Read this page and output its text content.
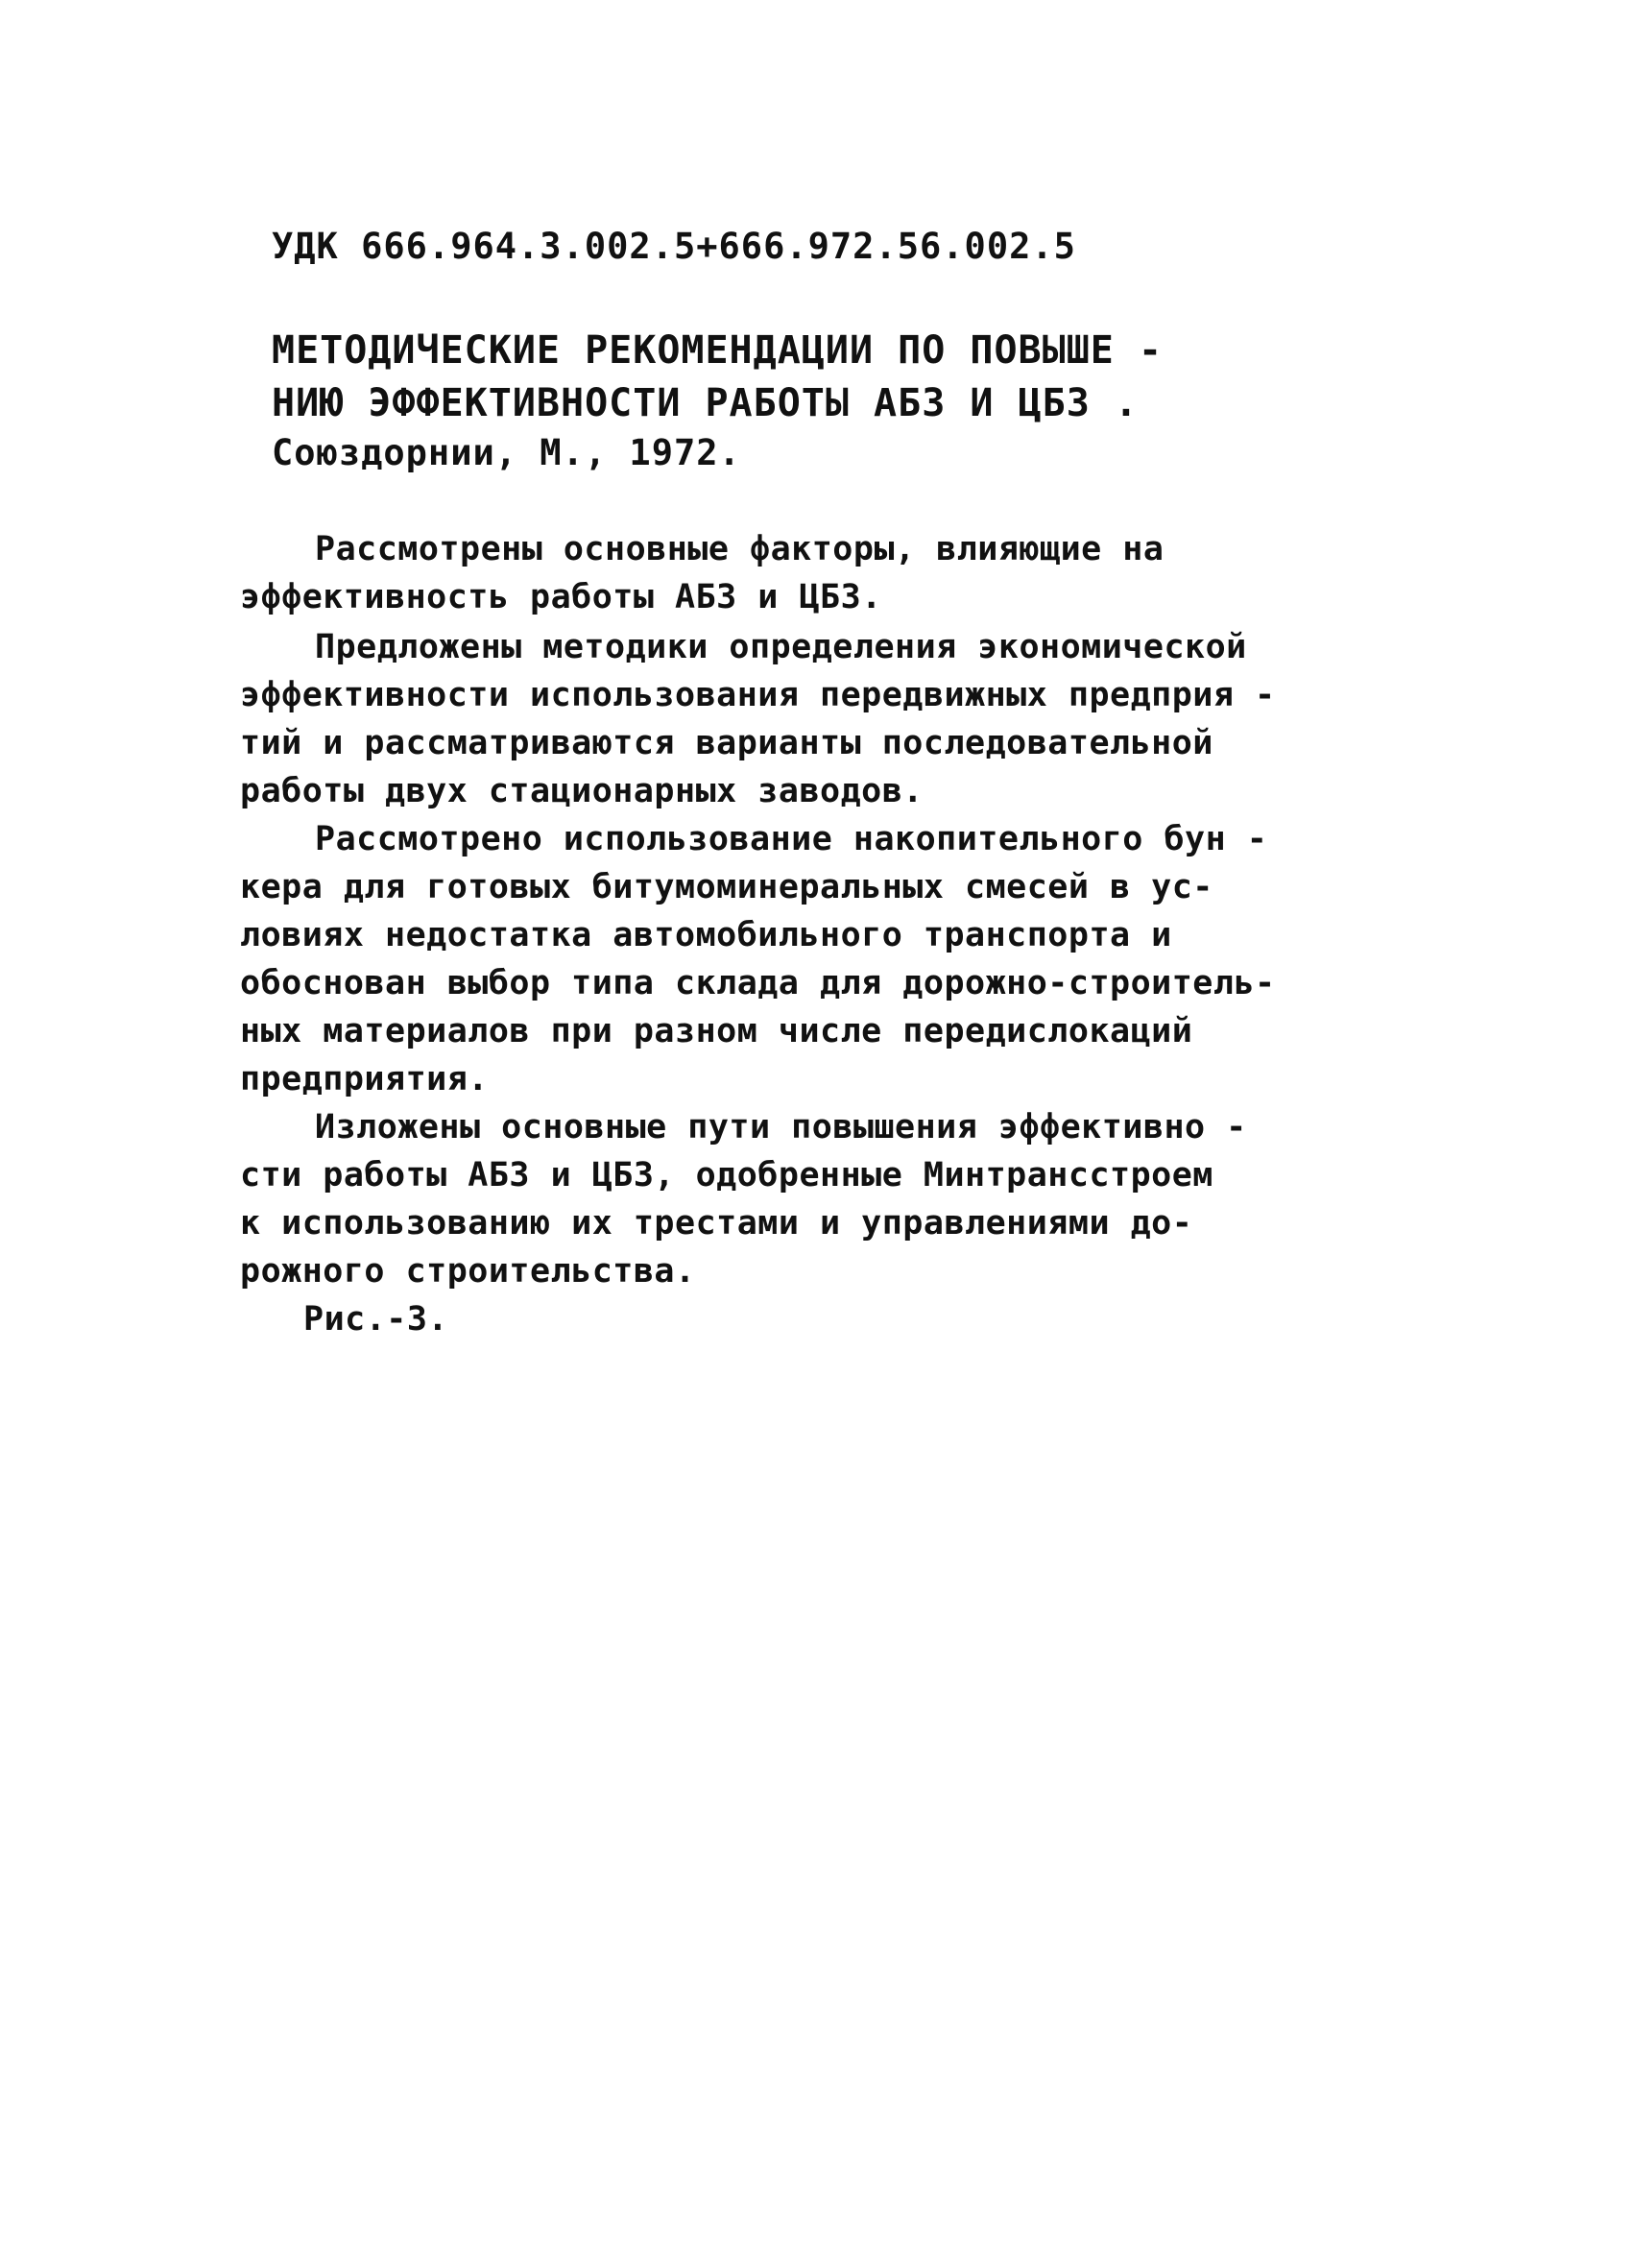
УДК 666.964.3.002.5+666.972.56.002.5

МЕТОДИЧЕСКИЕ РЕКОМЕНДАЦИИ ПО ПОВЫШЕ -

НИЮ ЭФФЕКТИВНОСТИ РАБОТЫ АБЗ И ЦБЗ .

Союздорнии, М., 1972.

Рассмотрены основные факторы, влияющие на

эффективность работы АБЗ и ЦБЗ.

Предложены методики определения экономической

эффективности использования передвижных предприя -

тий и рассматриваются варианты последовательной

работы двух стационарных заводов.

Рассмотрено использование накопительного бун -

кера для готовых битумоминеральных смесей в ус-

ловиях недостатка автомобильного транспорта и

обоснован выбор типа склада для дорожно-строитель-

ных материалов при разном числе передислокаций

предприятия.

Изложены основные пути повышения эффективно -

сти работы АБЗ и ЦБЗ, одобренные Минтрансстроем

к использованию их трестами и управлениями до-

рожного строительства.

Рис.-3.
